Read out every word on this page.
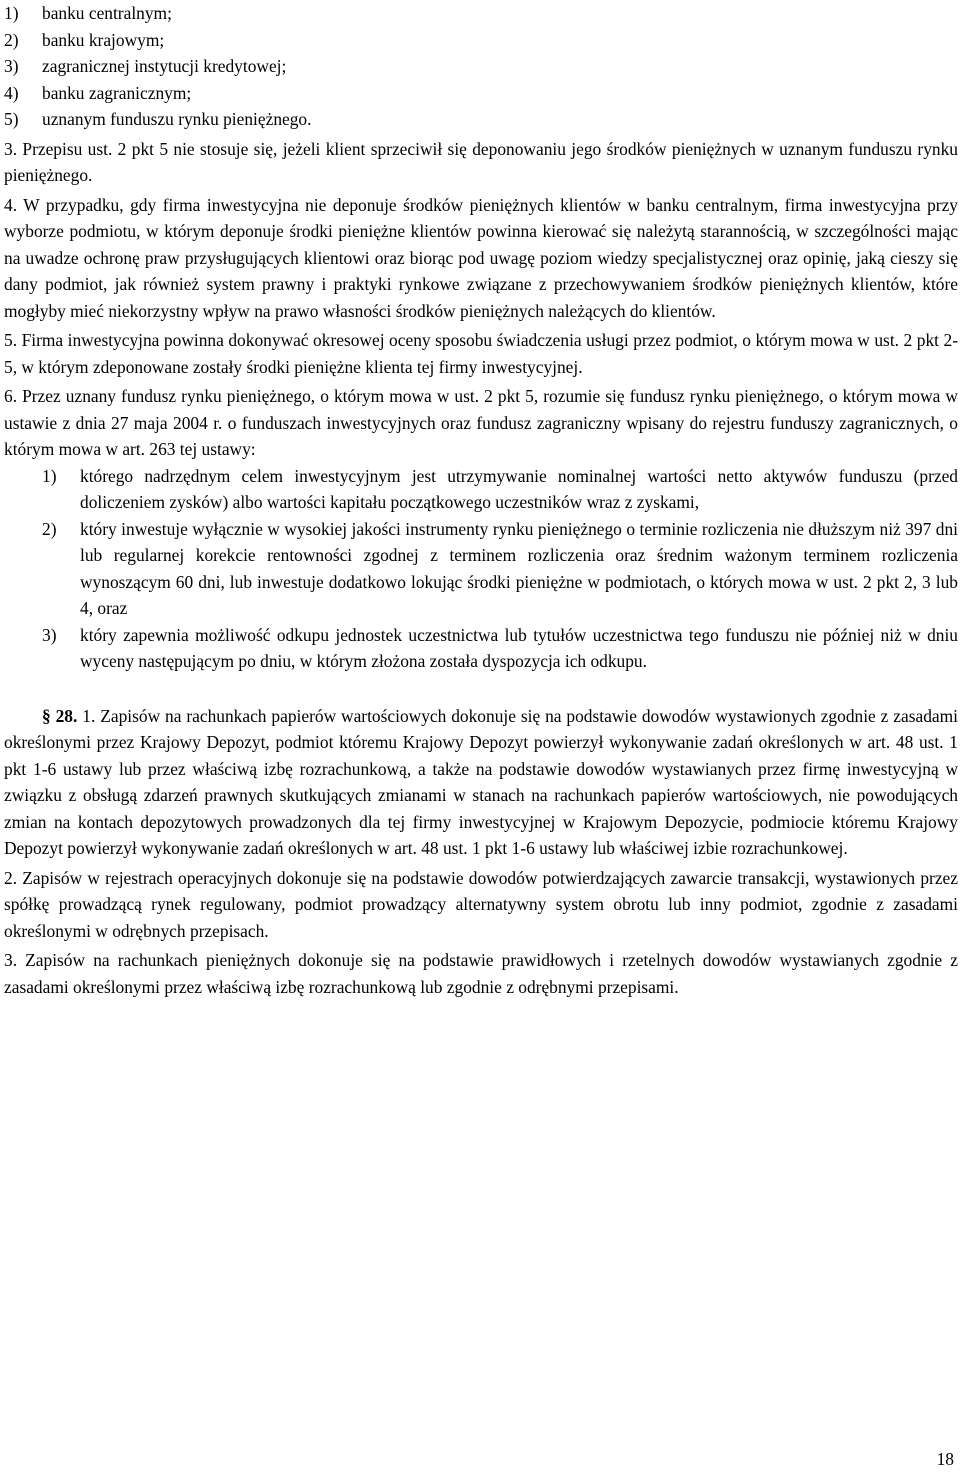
1) banku centralnym;

2) banku krajowym;

3) zagranicznej instytucji kredytowej;

4) banku zagranicznym;

5) uznanym funduszu rynku pieniężnego.

3. Przepisu ust. 2 pkt 5 nie stosuje się, jeżeli klient sprzeciwił się deponowaniu jego środków pieniężnych w uznanym funduszu rynku pieniężnego.

4. W przypadku, gdy firma inwestycyjna nie deponuje środków pieniężnych klientów w banku centralnym, firma inwestycyjna przy wyborze podmiotu, w którym deponuje środki pieniężne klientów powinna kierować się należytą starannością, w szczególności mając na uwadze ochronę praw przysługujących klientowi oraz biorąc pod uwagę poziom wiedzy specjalistycznej oraz opinię, jaką cieszy się dany podmiot, jak również system prawny i praktyki rynkowe związane z przechowywaniem środków pieniężnych klientów, które mogłyby mieć niekorzystny wpływ na prawo własności środków pieniężnych należących do klientów.

5. Firma inwestycyjna powinna dokonywać okresowej oceny sposobu świadczenia usługi przez podmiot, o którym mowa w ust. 2 pkt 2-5, w którym zdeponowane zostały środki pieniężne klienta tej firmy inwestycyjnej.

6. Przez uznany fundusz rynku pieniężnego, o którym mowa w ust. 2 pkt 5, rozumie się fundusz rynku pieniężnego, o którym mowa w ustawie z dnia 27 maja 2004 r. o funduszach inwestycyjnych oraz fundusz zagraniczny wpisany do rejestru funduszy zagranicznych, o którym mowa w art. 263 tej ustawy:

1) którego nadrzędnym celem inwestycyjnym jest utrzymywanie nominalnej wartości netto aktywów funduszu (przed doliczeniem zysków) albo wartości kapitału początkowego uczestników wraz z zyskami,

2) który inwestuje wyłącznie w wysokiej jakości instrumenty rynku pieniężnego o terminie rozliczenia nie dłuższym niż 397 dni lub regularnej korekcie rentowności zgodnej z terminem rozliczenia oraz średnim ważonym terminem rozliczenia wynoszącym 60 dni, lub inwestuje dodatkowo lokując środki pieniężne w podmiotach, o których mowa w ust. 2 pkt 2, 3 lub 4, oraz

3) który zapewnia możliwość odkupu jednostek uczestnictwa lub tytułów uczestnictwa tego funduszu nie później niż w dniu wyceny następującym po dniu, w którym złożona została dyspozycja ich odkupu.

§ 28. 1. Zapisów na rachunkach papierów wartościowych dokonuje się na podstawie dowodów wystawionych zgodnie z zasadami określonymi przez Krajowy Depozyt, podmiot któremu Krajowy Depozyt powierzył wykonywanie zadań określonych w art. 48 ust. 1 pkt 1-6 ustawy lub przez właściwą izbę rozrachunkową, a także na podstawie dowodów wystawianych przez firmę inwestycyjną w związku z obsługą zdarzeń prawnych skutkujących zmianami w stanach na rachunkach papierów wartościowych, nie powodujących zmian na kontach depozytowych prowadzonych dla tej firmy inwestycyjnej w Krajowym Depozycie, podmiocie któremu Krajowy Depozyt powierzył wykonywanie zadań określonych w art. 48 ust. 1 pkt 1-6 ustawy lub właściwej izbie rozrachunkowej.

2. Zapisów w rejestrach operacyjnych dokonuje się na podstawie dowodów potwierdzających zawarcie transakcji, wystawionych przez spółkę prowadzącą rynek regulowany, podmiot prowadzący alternatywny system obrotu lub inny podmiot, zgodnie z zasadami określonymi w odrębnych przepisach.

3. Zapisów na rachunkach pieniężnych dokonuje się na podstawie prawidłowych i rzetelnych dowodów wystawianych zgodnie z zasadami określonymi przez właściwą izbę rozrachunkową lub zgodnie z odrębnymi przepisami.

18
